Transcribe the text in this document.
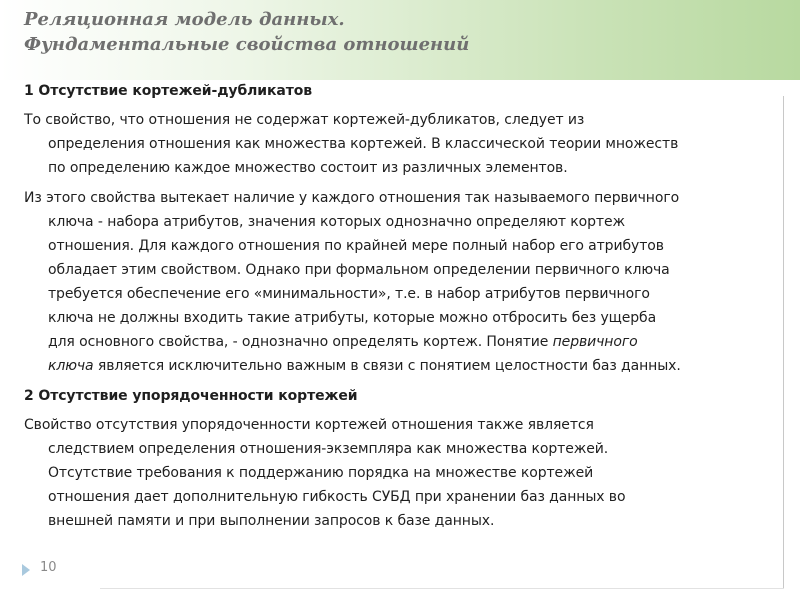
Реляционная модель данных.
Фундаментальные свойства отношений
1 Отсутствие кортежей-дубликатов
То свойство, что отношения не содержат кортежей-дубликатов, следует из
определения отношения как множества кортежей. В классической теории множеств
по определению каждое множество состоит из различных элементов.
Из этого свойства вытекает наличие у каждого отношения так называемого первичного
ключа - набора атрибутов, значения которых однозначно определяют кортеж
отношения. Для каждого отношения по крайней мере полный набор его атрибутов
обладает этим свойством. Однако при формальном определении первичного ключа
требуется обеспечение его «минимальности», т.е. в набор атрибутов первичного
ключа не должны входить такие атрибуты, которые можно отбросить без ущерба
для основного свойства, - однозначно определять кортеж. Понятие первичного
ключа является исключительно важным в связи с понятием целостности баз данных.
2 Отсутствие упорядоченности кортежей
Свойство отсутствия упорядоченности кортежей отношения также является
следствием определения отношения-экземпляра как множества кортежей.
Отсутствие требования к поддержанию порядка на множестве кортежей
отношения дает дополнительную гибкость СУБД при хранении баз данных во
внешней памяти и при выполнении запросов к базе данных.
10
